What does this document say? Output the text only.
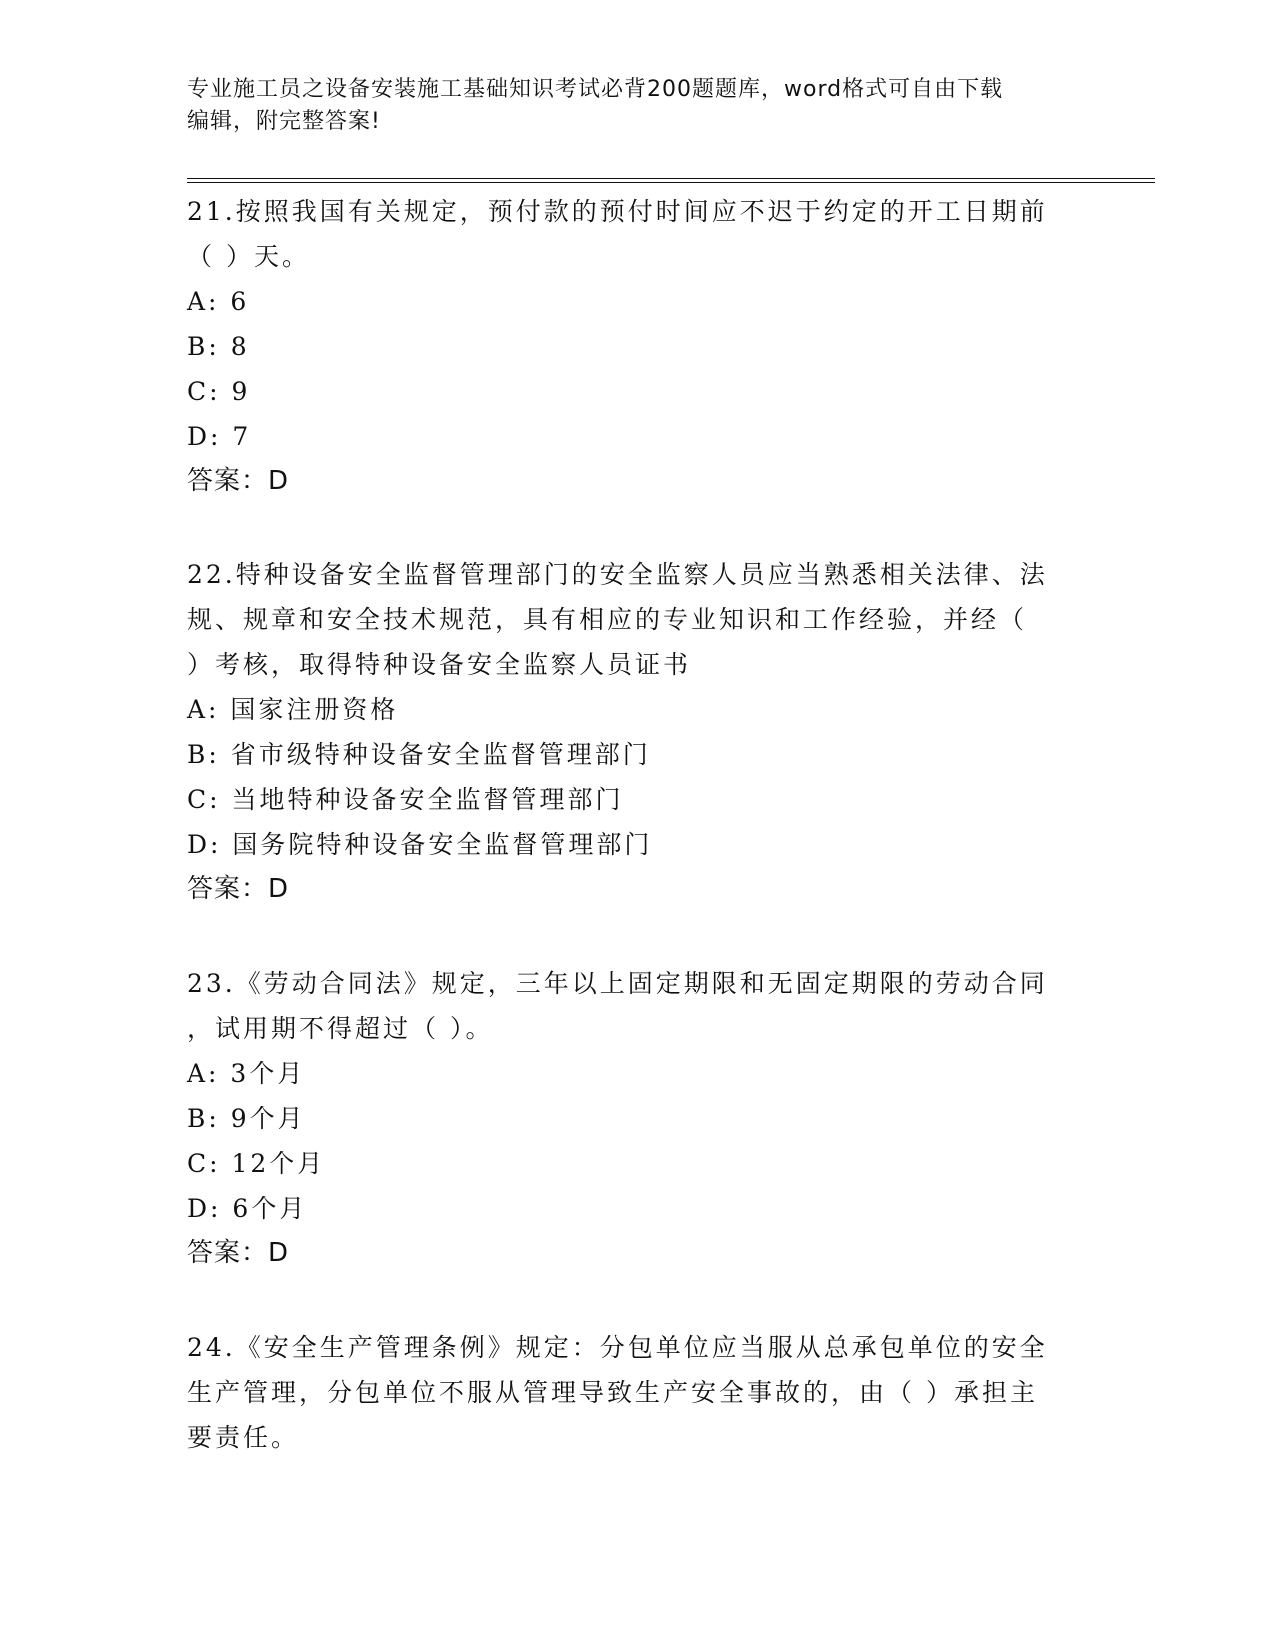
专业施工员之设备安装施工基础知识考试必背200题题库，word格式可自由下载
编辑，附完整答案!

21.按照我国有关规定，预付款的预付时间应不迟于约定的开工日期前

（ ）天。

A: 6

B: 8

C: 9

D: 7

答案：D

22.特种设备安全监督管理部门的安全监察人员应当熟悉相关法律、法

规、规章和安全技术规范，具有相应的专业知识和工作经验，并经（

）考核，取得特种设备安全监察人员证书

A: 国家注册资格

B: 省市级特种设备安全监督管理部门

C: 当地特种设备安全监督管理部门

D: 国务院特种设备安全监督管理部门

答案：D

23.《劳动合同法》规定，三年以上固定期限和无固定期限的劳动合同

，试用期不得超过（ ）。

A: 3个月

B: 9个月

C: 12个月

D: 6个月

答案：D

24.《安全生产管理条例》规定：分包单位应当服从总承包单位的安全

生产管理，分包单位不服从管理导致生产安全事故的，由（ ）承担主

要责任。
